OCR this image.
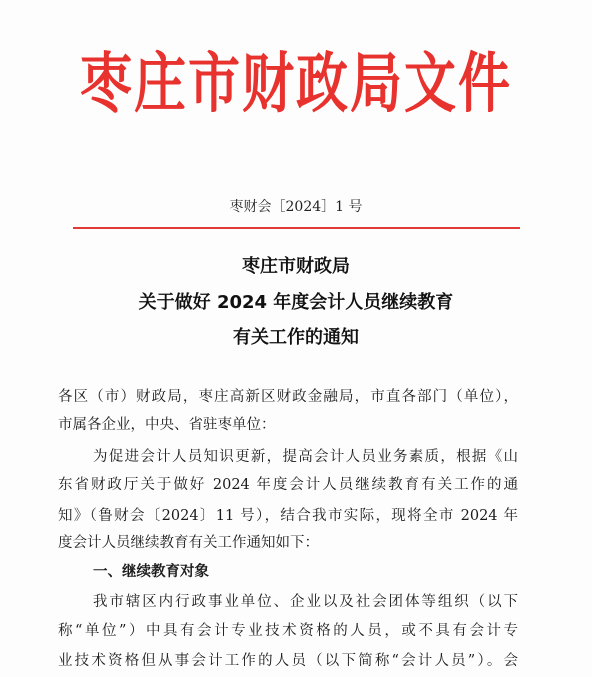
枣庄市财政局文件
枣财会［2024］1 号
枣庄市财政局
关于做好 2024 年度会计人员继续教育
有关工作的通知
各区（市）财政局，枣庄高新区财政金融局，市直各部门（单位），
市属各企业，中央、省驻枣单位：
为促进会计人员知识更新，提高会计人员业务素质，根据《山
东省财政厅关于做好 2024 年度会计人员继续教育有关工作的通
知》（鲁财会〔2024〕11 号），结合我市实际，现将全市 2024 年
度会计人员继续教育有关工作通知如下：
一、继续教育对象
我市辖区内行政事业单位、企业以及社会团体等组织（以下
称“单位”）中具有会计专业技术资格的人员，或不具有会计专
业技术资格但从事会计工作的人员（以下简称“会计人员”）。会
